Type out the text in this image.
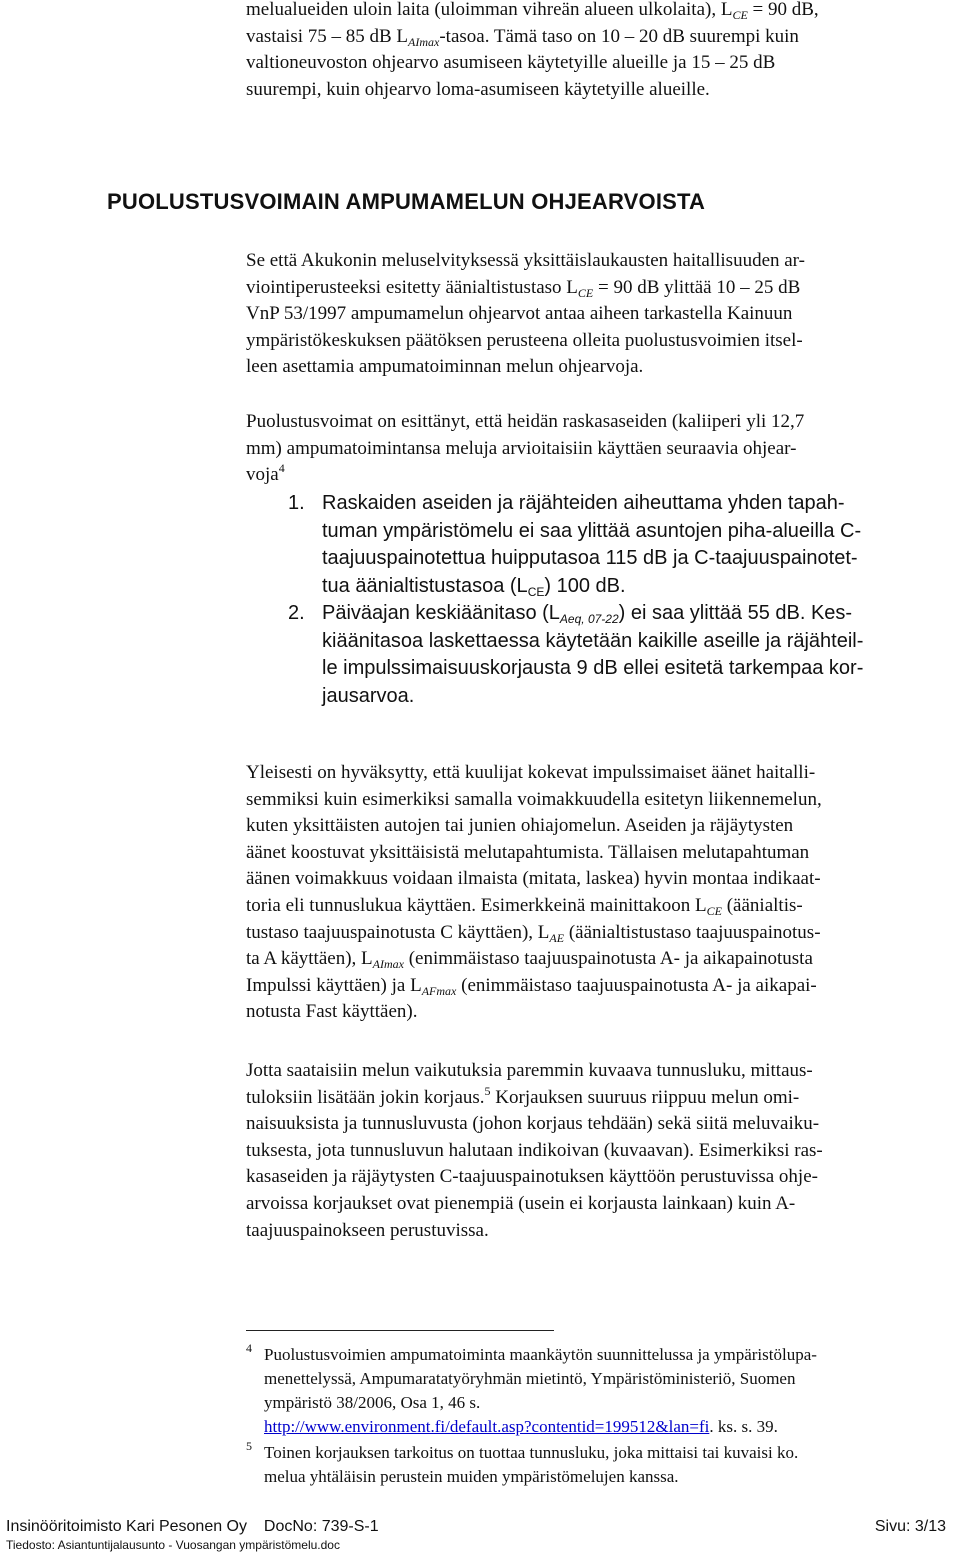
melualueiden uloin laita (uloimman vihreän alueen ulkolaita), $L_{CE} = 90$ dB,
vastaisi 75 – 85 dB $L_{AImax}$-tasoa. Tämä taso on 10 – 20 dB suurempi kuin
valtioneuvoston ohjearvo asumiseen käytetyille alueille ja 15 – 25 dB
suurempi, kuin ohjearvo loma-asumiseen käytetyille alueille.
PUOLUSTUSVOIMAIN AMPUMAMELUN OHJEARVOISTA
Se että Akukonin meluselvityksessä yksittäislaukausten haitallisuuden ar-
viointiperusteeksi esitetty äänialtistustaso $L_{CE} = 90$ dB ylittää 10 – 25 dB
VnP 53/1997 ampumamelun ohjearvot antaa aiheen tarkastella Kainuun
ympäristökeskuksen päätöksen perusteena olleita puolustusvoimien itsel-
leen asettamia ampumatoiminnan melun ohjearvoja.
Puolustusvoimat on esittänyt, että heidän raskasaseiden (kaliiperi yli 12,7
mm) ampumatoimintansa meluja arvioitaisiin käyttäen seuraavia ohjear-
voja$^4$
1.
2.
Raskaiden aseiden ja räjähteiden aiheuttama yhden tapah-
tuman ympäristömelu ei saa ylittää asuntojen piha-alueilla C-
taajuuspainotettua huipputasoa 115 dB ja C-taajuuspainotet-
tua äänialtistustasoa $(L_{CE})$ 100 dB.
Päiväajan keskiäänitaso $(L_{Aeq, 07-22})$ ei saa ylittää 55 dB. Kes-
kiäänitasoa laskettaessa käytetään kaikille aseille ja räjähteil-
le impulssimaisuuskorjausta 9 dB ellei esitetä tarkempaa kor-
jausarvoa.
Yleisesti on hyväksytty, että kuulijat kokevat impulssimaiset äänet haitalli-
semmiksi kuin esimerkiksi samalla voimakkuudella esitetyn liikennemelun,
kuten yksittäisten autojen tai junien ohiajomelun. Aseiden ja räjäytysten
äänet koostuvat yksittäisistä melutapahtumista. Tällaisen melutapahtuman
äänen voimakkuus voidaan ilmaista (mitata, laskea) hyvin montaa indikaat-
toria eli tunnuslukua käyttäen. Esimerkkeinä mainittakoon $L_{CE}$ (äänialtis-
tustaso taajuuspainotusta C käyttäen), $L_{AE}$ (äänialtistustaso taajuuspainotus-
ta A käyttäen), $L_{AImax}$ (enimmäistaso taajuuspainotusta A- ja aikapainotusta
Impulssi käyttäen) ja $L_{AFmax}$ (enimmäistaso taajuuspainotusta A- ja aikapai-
notusta Fast käyttäen).
Jotta saataisiin melun vaikutuksia paremmin kuvaava tunnusluku, mittaus-
tuloksiin lisätään jokin korjaus.$^5$ Korjauksen suuruus riippuu melun omi-
naisuuksista ja tunnusluvusta (johon korjaus tehdään) sekä siitä meluvaiku-
tuksesta, jota tunnusluvun halutaan indikoivan (kuvaavan). Esimerkiksi ras-
kasaseiden ja räjäytysten C-taajuuspainotuksen käyttöön perustuvissa ohje-
arvoissa korjaukset ovat pienempiä (usein ei korjausta lainkaan) kuin A-
taajuuspainokseen perustuvissa.
4 Puolustusvoimien ampumatoiminta maankäytön suunnittelussa ja ympäristölupa-
menettelyssä, Ampumaratatyöryhmän mietintö, Ympäristöministeriö, Suomen
ympäristö 38/2006, Osa 1, 46 s.
http://www.environment.fi/default.asp?contentid=199512&lan=fi. ks. s. 39.
5 Toinen korjauksen tarkoitus on tuottaa tunnusluku, joka mittaisi tai kuvaisi ko.
melua yhtäläisin perustein muiden ympäristömelujen kanssa.
Insinööritoimisto Kari Pesonen Oy DocNo: 739-S-1	Sivu: 3/13
Tiedosto: Asiantuntijalausunto - Vuosangan ympäristömelu.doc
